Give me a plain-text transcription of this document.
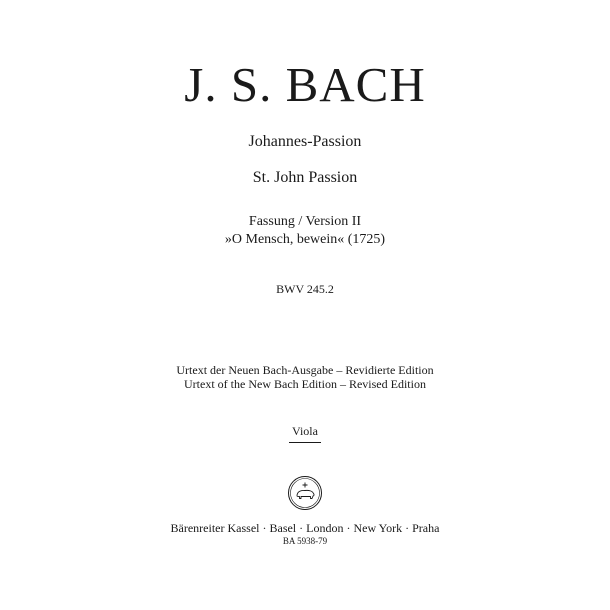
J. S. BACH
Johannes-Passion
St. John Passion
Fassung / Version II
»O Mensch, bewein« (1725)
BWV 245.2
Urtext der Neuen Bach-Ausgabe – Revidierte Edition
Urtext of the New Bach Edition – Revised Edition
Viola
Bärenreiter Kassel · Basel · London · New York · Praha
BA 5938-79
